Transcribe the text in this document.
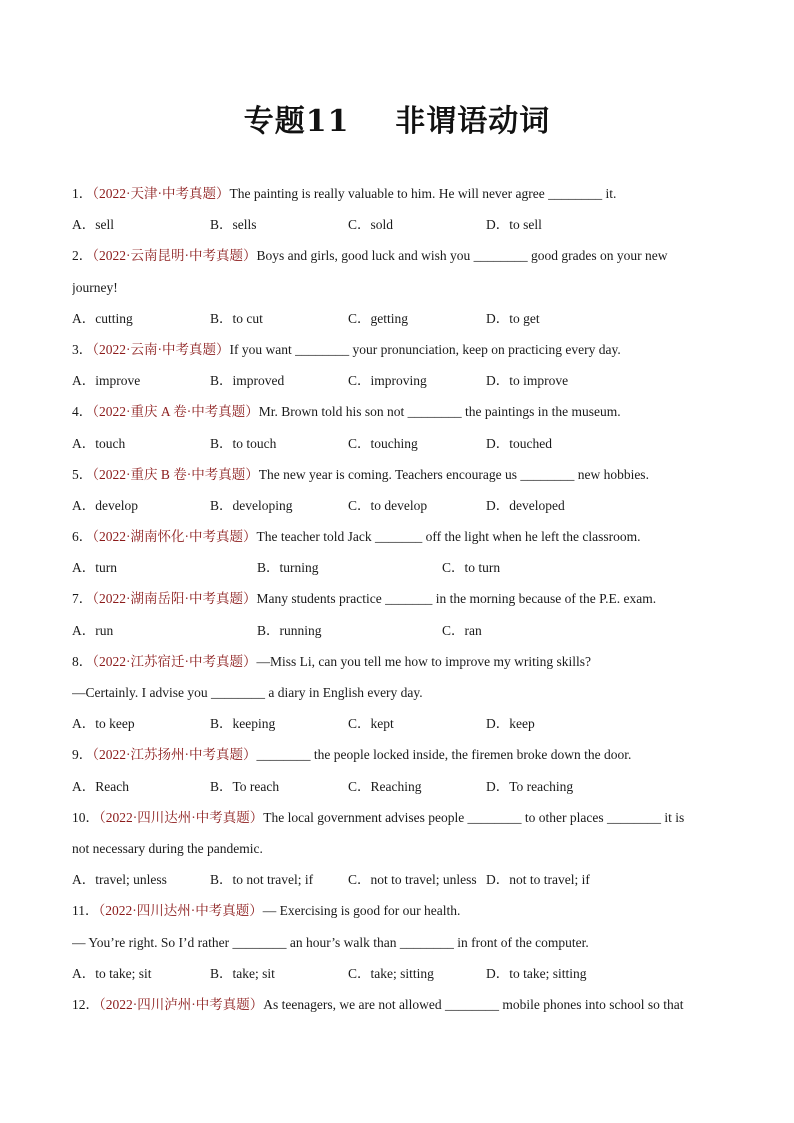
专题11    非谓语动词
1．（2022·天津·中考真题）The painting is really valuable to him. He will never agree ________ it.
A．sell	B．sells	C．sold	D．to sell
2．（2022·云南昆明·中考真题）Boys and girls, good luck and wish you ________ good grades on your new
journey!
A．cutting	B．to cut	C．getting	D．to get
3．（2022·云南·中考真题）If you want ________ your pronunciation, keep on practicing every day.
A．improve	B．improved	C．improving	D．to improve
4．（2022·重庆 A 卷·中考真题）Mr. Brown told his son not ________ the paintings in the museum.
A．touch	B．to touch	C．touching	D．touched
5．（2022·重庆 B 卷·中考真题）The new year is coming. Teachers encourage us ________ new hobbies.
A．develop	B．developing	C．to develop	D．developed
6．（2022·湖南怀化·中考真题）The teacher told Jack _______ off the light when he left the classroom.
A．turn	B．turning	C．to turn
7．（2022·湖南岳阳·中考真题）Many students practice _______ in the morning because of the P.E. exam.
A．run	B．running	C．ran
8．（2022·江苏宿迁·中考真题）—Miss Li, can you tell me how to improve my writing skills?
—Certainly. I advise you ________ a diary in English every day.
A．to keep	B．keeping	C．kept	D．keep
9．（2022·江苏扬州·中考真题）________ the people locked inside, the firemen broke down the door.
A．Reach	B．To reach	C．Reaching	D．To reaching
10．（2022·四川达州·中考真题）The local government advises people ________ to other places ________ it is
not necessary during the pandemic.
A．travel; unless	B．to not travel; if	C．not to travel; unless D．not to travel; if
11．（2022·四川达州·中考真题）— Exercising is good for our health.
— You’re right. So I’d rather ________ an hour’s walk than ________ in front of the computer.
A．to take; sit	B．take; sit	C．take; sitting	D．to take; sitting
12．（2022·四川泸州·中考真题）As teenagers, we are not allowed ________ mobile phones into school so that
